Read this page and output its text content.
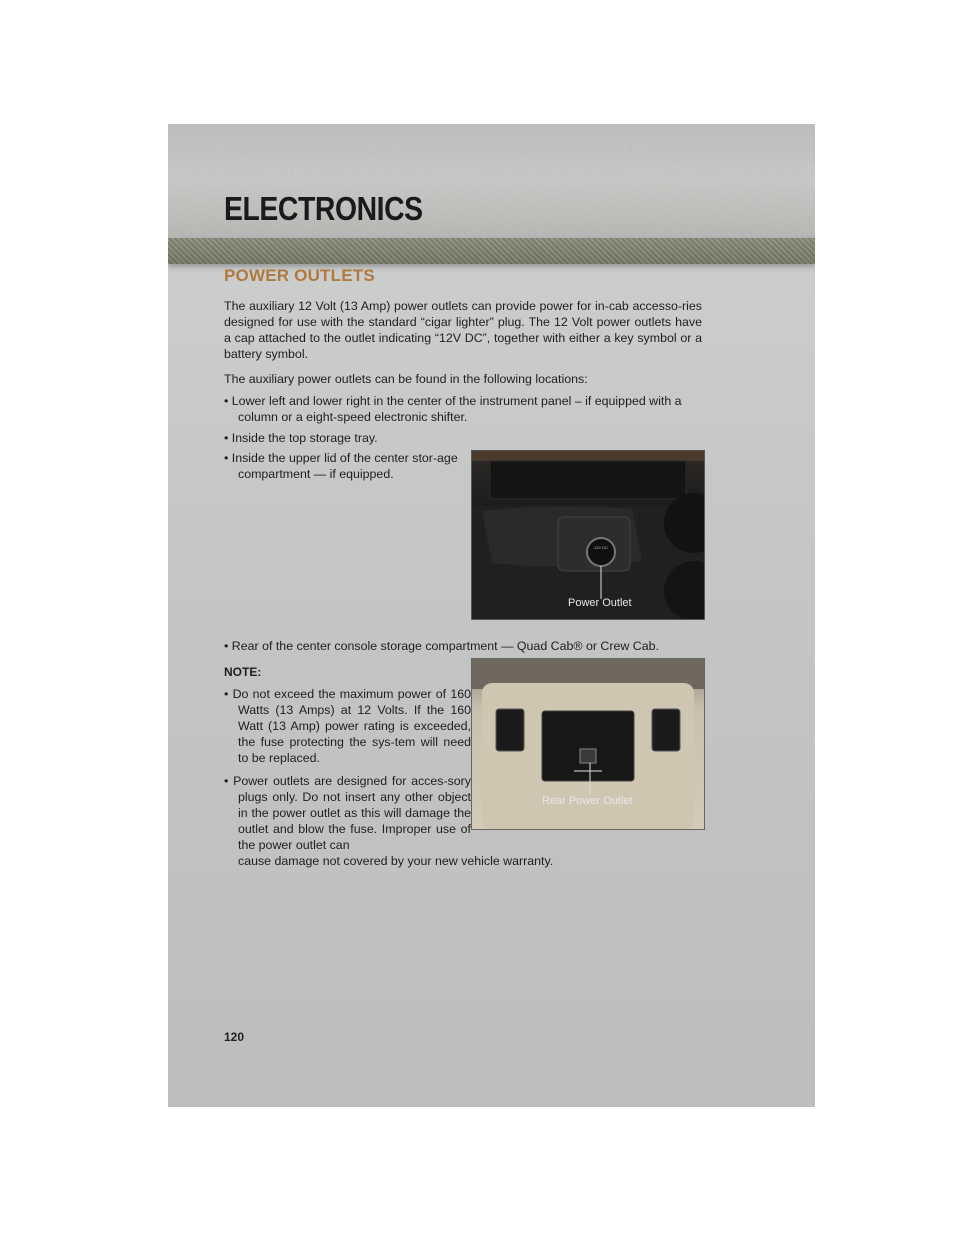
ELECTRONICS
POWER OUTLETS
The auxiliary 12 Volt (13 Amp) power outlets can provide power for in-cab accesso-ries designed for use with the standard “cigar lighter” plug. The 12 Volt power outlets have a cap attached to the outlet indicating “12V DC”, together with either a key symbol or a battery symbol.
The auxiliary power outlets can be found in the following locations:
• Lower left and lower right in the center of the instrument panel – if equipped with a column or a eight-speed electronic shifter.
• Inside the top storage tray.
• Inside the upper lid of the center stor-age compartment — if equipped.
12V DC
Power Outlet
• Rear of the center console storage compartment — Quad Cab® or Crew Cab.
NOTE:
• Do not exceed the maximum power of 160 Watts (13 Amps) at 12 Volts. If the 160 Watt (13 Amp) power rating is exceeded, the fuse protecting the sys-tem will need to be replaced.
• Power outlets are designed for acces-sory plugs only. Do not insert any other object in the power outlet as this will damage the outlet and blow the fuse. Improper use of the power outlet can
cause damage not covered by your new vehicle warranty.
Rear Power Outlet
120
